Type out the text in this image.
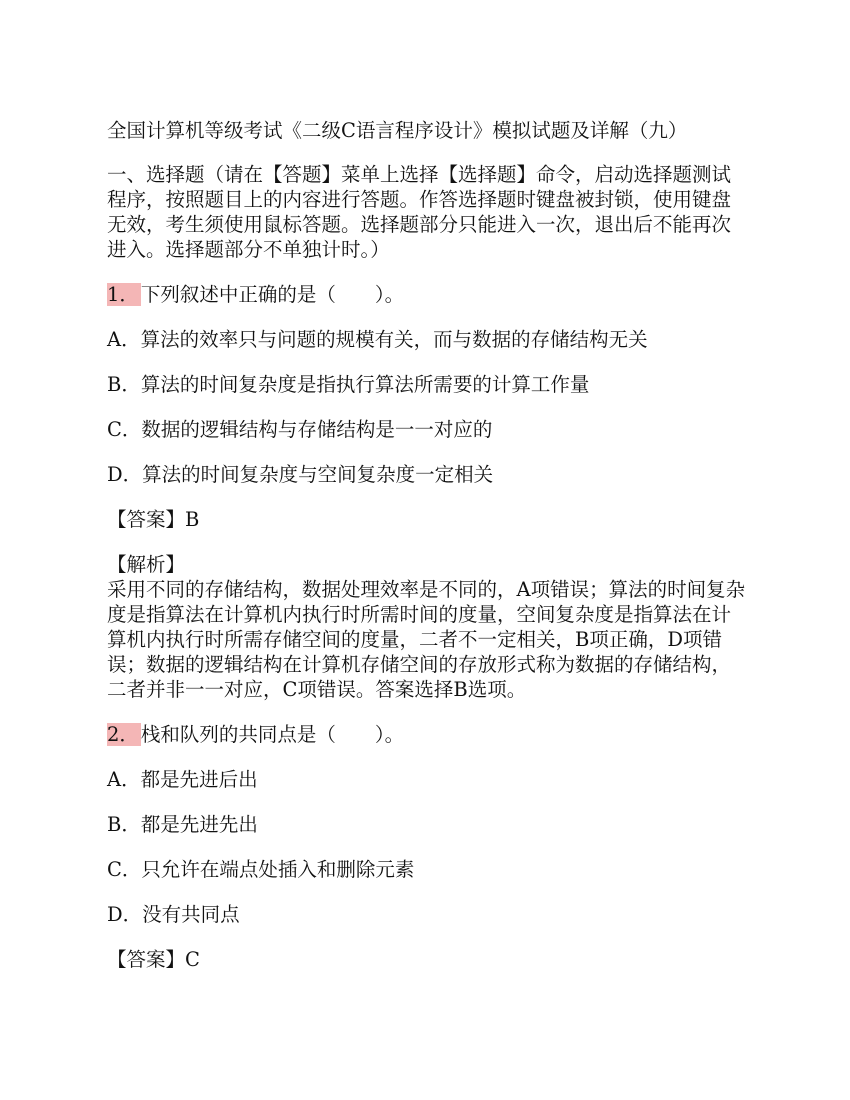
全国计算机等级考试《二级C语言程序设计》模拟试题及详解（九）

一、选择题（请在【答题】菜单上选择【选择题】命令，启动选择题测试程序，按照题目上的内容进行答题。作答选择题时键盘被封锁，使用键盘无效，考生须使用鼠标答题。选择题部分只能进入一次，退出后不能再次进入。选择题部分不单独计时。）

1． 下列叙述中正确的是（　　）。

A．算法的效率只与问题的规模有关，而与数据的存储结构无关

B．算法的时间复杂度是指执行算法所需要的计算工作量

C．数据的逻辑结构与存储结构是一一对应的

D．算法的时间复杂度与空间复杂度一定相关

【答案】B

【解析】

采用不同的存储结构，数据处理效率是不同的，A项错误；算法的时间复杂度是指算法在计算机内执行时所需时间的度量，空间复杂度是指算法在计算机内执行时所需存储空间的度量，二者不一定相关，B项正确，D项错误；数据的逻辑结构在计算机存储空间的存放形式称为数据的存储结构，二者并非一一对应，C项错误。答案选择B选项。

2． 栈和队列的共同点是（　　）。

A．都是先进后出

B．都是先进先出

C．只允许在端点处插入和删除元素

D．没有共同点

【答案】C
